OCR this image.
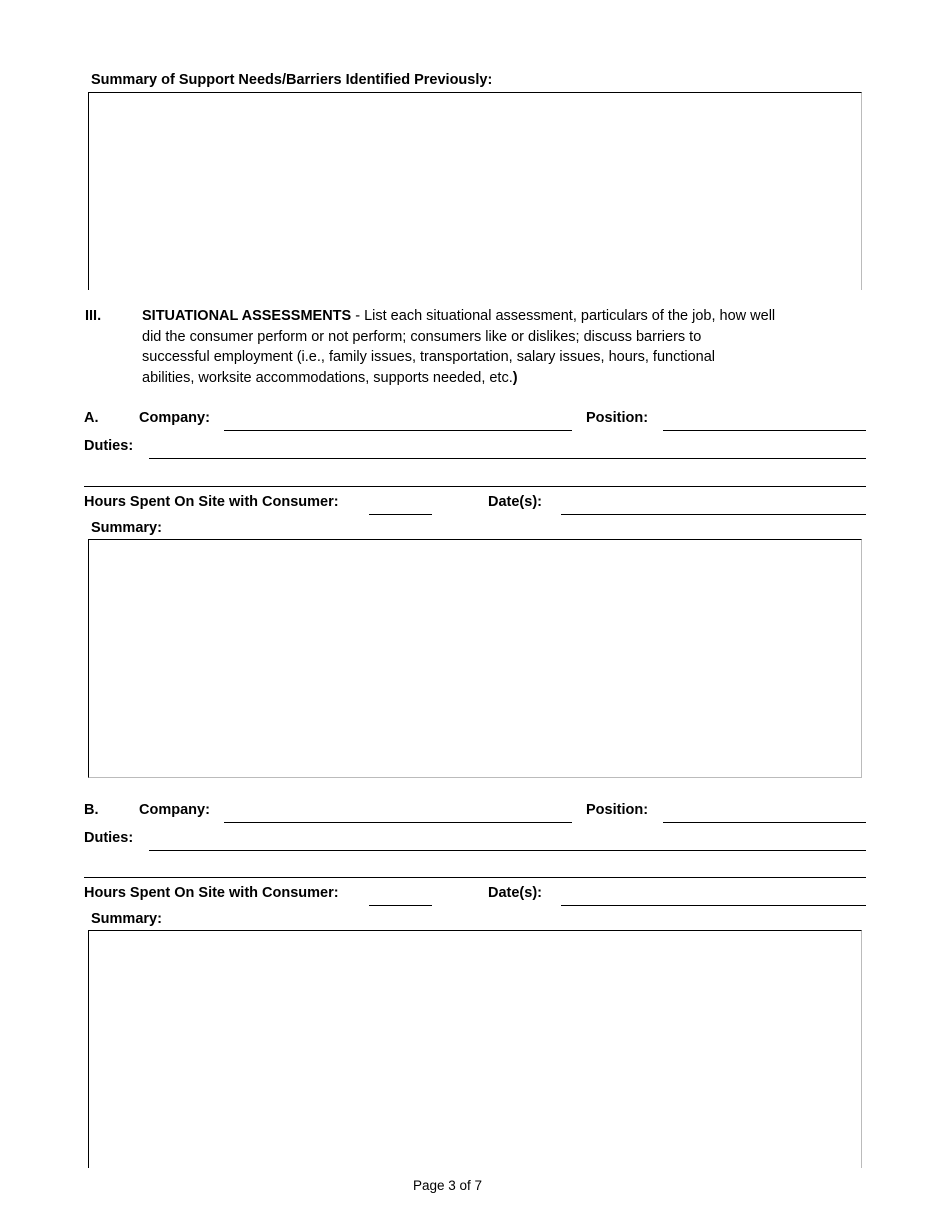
Summary of Support Needs/Barriers Identified Previously:
III.	SITUATIONAL ASSESSMENTS - List each situational assessment, particulars of the job, how well
did the consumer perform or not perform; consumers like or dislikes; discuss barriers to
successful employment (i.e., family issues, transportation, salary issues, hours, functional
abilities, worksite accommodations, supports needed, etc.)
A.	Company:	Position:
Duties:
Hours Spent On Site with Consumer:	Date(s):
Summary:
B.	Company:	Position:
Duties:
Hours Spent On Site with Consumer:	Date(s):
Summary:
Page 3 of 7
